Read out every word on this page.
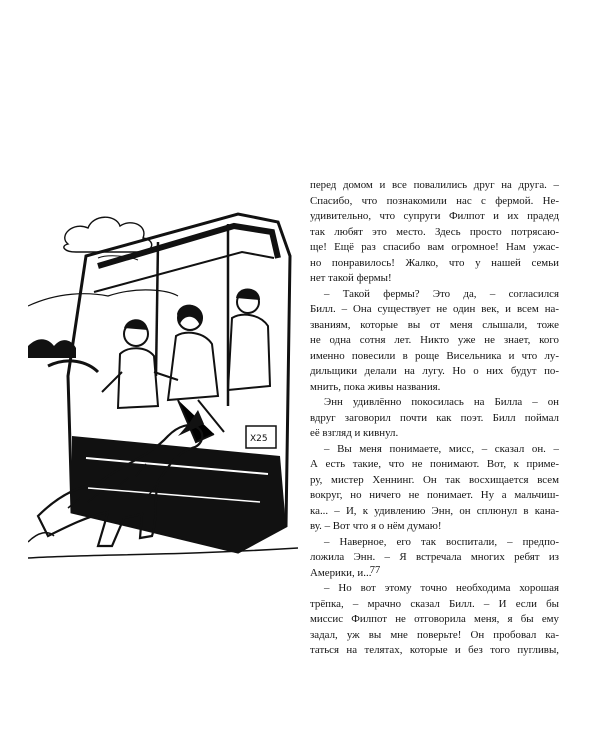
X25

перед домом и все повалились друг на друга. –

Спасибо, что познакомили нас с фермой. Не-

удивительно, что супруги Филпот и их прадед

так любят это место. Здесь просто потрясаю-

ще! Ещё раз спасибо вам огромное! Нам ужас-

но понравилось! Жалко, что у нашей семьи

нет такой фермы!

– Такой фермы? Это да, – согласился

Билл. – Она существует не один век, и всем на-

званиям, которые вы от меня слышали, тоже

не одна сотня лет. Никто уже не знает, кого

именно повесили в роще Висельника и что лу-

дильщики делали на лугу. Но о них будут по-

мнить, пока живы названия.

Энн удивлённо покосилась на Билла – он

вдруг заговорил почти как поэт. Билл поймал

её взгляд и кивнул.

– Вы меня понимаете, мисс, – сказал он. –

А есть такие, что не понимают. Вот, к приме-

ру, мистер Хеннинг. Он так восхищается всем

вокруг, но ничего не понимает. Ну а мальчиш-

ка... – И, к удивлению Энн, он сплюнул в кана-

ву. – Вот что я о нём думаю!

– Наверное, его так воспитали, – предпо-

ложила Энн. – Я встречала многих ребят из

Америки, и...

– Но вот этому точно необходима хорошая

трёпка, – мрачно сказал Билл. – И если бы

миссис Филпот не отговорила меня, я бы ему

задал, уж вы мне поверьте! Он пробовал ка-

таться на телятах, которые и без того пугливы,

77
